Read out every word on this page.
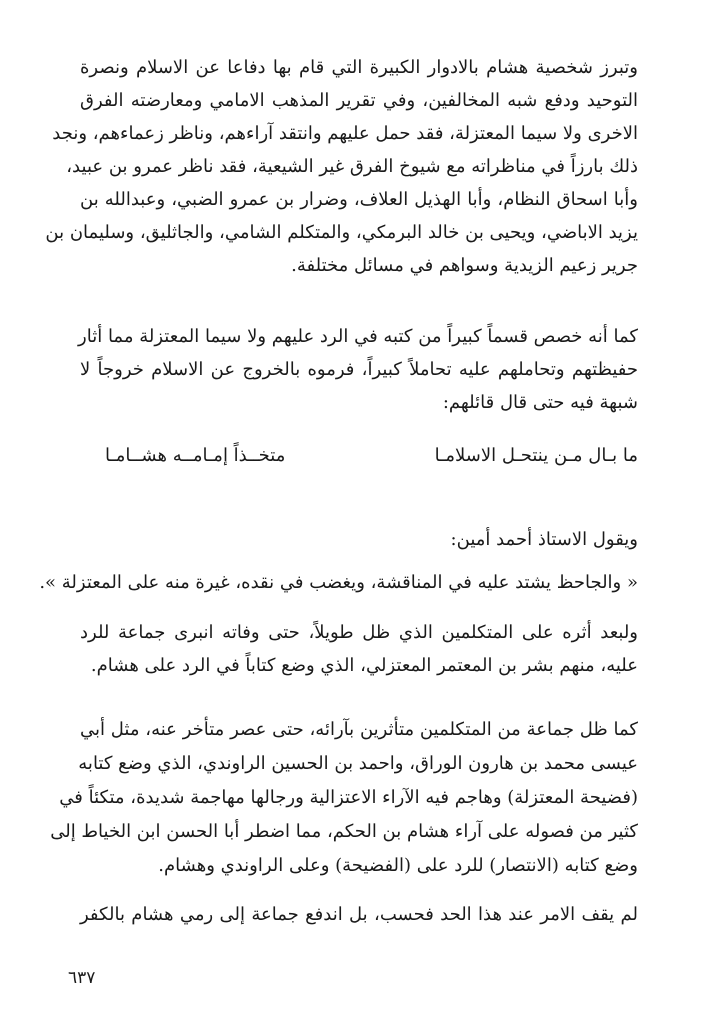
وتبرز شخصية هشام بالادوار الكبيرة التي قام بها دفاعا عن الاسلام ونصرة
التوحيد ودفع شبه المخالفين، وفي تقرير المذهب الامامي ومعارضته الفرق
الاخرى ولا سيما المعتزلة، فقد حمل عليهم وانتقد آراءهم، وناظر زعماءهم، ونجد
ذلك بارزاً في مناظراته مع شيوخ الفرق غير الشيعية، فقد ناظر عمرو بن عبيد،
وأبا اسحاق النظام، وأبا الهذيل العلاف، وضرار بن عمرو الضبي، وعبدالله بن
يزيد الاباضي، ويحيى بن خالد البرمكي، والمتكلم الشامي، والجاثليق، وسليمان بن
جرير زعيم الزيدية وسواهم في مسائل مختلفة.
كما أنه خصص قسماً كبيراً من كتبه في الرد عليهم ولا سيما المعتزلة مما أثار
حفيظتهم وتحاملهم عليه تحاملاً كبيراً، فرموه بالخروج عن الاسلام خروجاً لا
شبهة فيه حتى قال قائلهم:
ما بـال مـن ينتحـل الاسلامـا
متخــذاً إمـامــه هشــامـا
ويقول الاستاذ أحمد أمين:
« والجاحظ يشتد عليه في المناقشة، ويغضب في نقده، غيرة منه على المعتزلة ».
ولبعد أثره على المتكلمين الذي ظل طويلاً، حتى وفاته انبرى جماعة للرد
عليه، منهم بشر بن المعتمر المعتزلي، الذي وضع كتاباً في الرد على هشام.
كما ظل جماعة من المتكلمين متأثرين بآرائه، حتى عصر متأخر عنه، مثل أبي
عيسى محمد بن هارون الوراق، واحمد بن الحسين الراوندي، الذي وضع كتابه
(فضيحة المعتزلة) وهاجم فيه الآراء الاعتزالية ورجالها مهاجمة شديدة، متكئاً في
كثير من فصوله على آراء هشام بن الحكم، مما اضطر أبا الحسن ابن الخياط إلى
وضع كتابه (الانتصار) للرد على (الفضيحة) وعلى الراوندي وهشام.
لم يقف الامر عند هذا الحد فحسب، بل اندفع جماعة إلى رمي هشام بالكفر
٦٣٧
